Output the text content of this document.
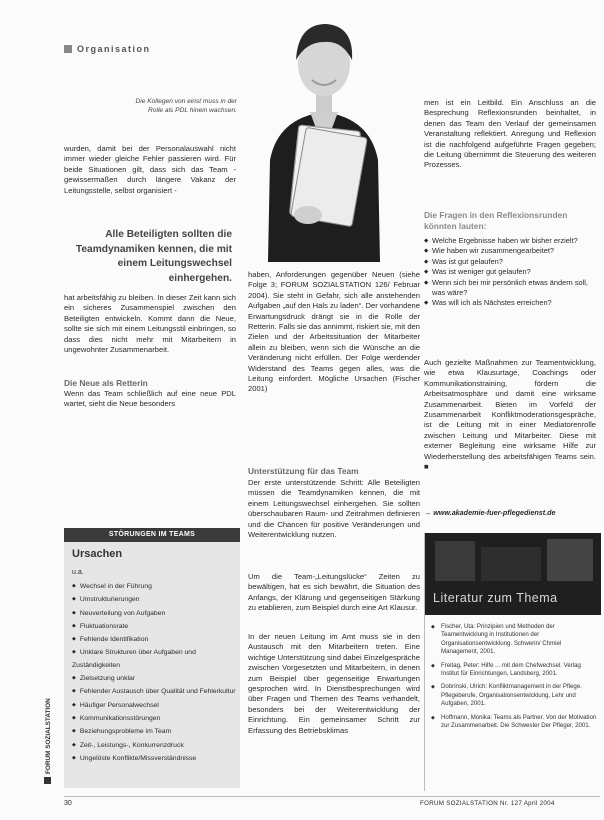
Organisation
Die Kollegen von einst muss in der Rolle als PDL hinein wachsen.

wurden, damit bei der Personalauswahl nicht immer wieder gleiche Fehler passieren wird. Für beide Situationen gilt, dass sich das Team - gewissermaßen durch längere Vakanz der Leitungsstelle, selbst organisiert -

Alle Beteiligten sollten die Teamdynamiken kennen, die mit einem Leitungswechsel einhergehen.

hat arbeitsfähig zu bleiben. In dieser Zeit kann sich ein sicheres Zusammenspiel zwischen den Beteiligten entwickeln. Kommt dann die Neue, sollte sie sich mit einem Leitungsstil einbringen, so dass dies nicht mehr mit Mitarbeitern in ungewohnter Zusammenarbeit.

Die Neue als Retterin

Wenn das Team schließlich auf eine neue PDL wartet, sieht die Neue besonders

STÖRUNGEN IM TEAMS
Ursachen
u.a.
◆ Wechsel in der Führung
◆ Umstrukturierungen
◆ Neuverteilung von Aufgaben
◆ Fluktuationsrate
◆ Fehlende Identifikation
◆ Unklare Strukturen über Aufgaben und Zuständigkeiten
◆ Zielsetzung unklar
◆ Fehlender Austausch über Qualität und Fehlerkultur
◆ Häufiger Personalwechsel
◆ Kommunikationsstörungen
◆ Beziehungsprobleme im Team
◆ Zeit-, Leistungs-, Konkurrenzdruck
◆ Ungelöste Konflikte/Missverständnisse
FORUM SOZIALSTATION

haben, Anforderungen gegenüber Neuen (siehe Folge 3; FORUM SOZIALSTATION 126/ Februar 2004). Sie steht in Gefahr, sich alle anstehenden Aufgaben „auf den Hals zu laden“. Der vorhandene Erwartungsdruck drängt sie in die Rolle der Retterin. Falls sie das annimmt, riskiert sie, mit den Zielen und der Arbeitssituation der Mitarbeiter allein zu bleiben, wenn sich die Wünsche an die Veränderung nicht erfüllen. Der Folge werdender Widerstand des Teams gegen alles, was die Leitung einfordert. Mögliche Ursachen (Fischer 2001)

Unterstützung für das Team

Der erste unterstützende Schritt: Alle Beteiligten müssen die Teamdynamiken kennen, die mit einem Leitungswechsel einhergehen. Sie sollten überschaubaren Raum- und Zeitrahmen definieren und die Chancen für positive Veränderungen und Weiterentwicklung nutzen.

Um die Team-„Leitungslücke“ Zeiten zu bewältigen, hat es sich bewährt, die Situation des Anfangs, der Klärung und gegenseitigen Stärkung zu etablieren, zum Beispiel durch eine Art Klausur.

In der neuen Leitung im Amt muss sie in den Austausch mit den Mitarbeitern treten. Eine wichtige Unterstützung sind dabei Einzelgespräche zwischen Vorgesetzten und Mitarbeitern, in denen zum Beispiel über gegenseitige Erwartungen gesprochen wird. In Dienstbesprechungen wird über Fragen und Themen des Teams verhandelt, besonders bei der Weiterentwicklung der Einrichtung. Ein gemeinsamer Schritt zur Erfassung des Betriebsklimas

men ist ein Leitbild. Ein Anschluss an die Besprechung Reflexionsrunden beinhaltet, in denen das Team den Verlauf der gemeinsamen Veranstaltung reflektiert. Anregung und Reflexion ist die nachfolgend aufgeführte Fragen gegeben; die Leitung übernimmt die Steuerung des weiteren Prozesses.

Die Fragen in den Reflexionsrunden könnten lauten:

◆ Welche Ergebnisse haben wir bisher erzielt?
◆ Wie haben wir zusammengearbeitet?
◆ Was ist gut gelaufen?
◆ Was ist weniger gut gelaufen?
◆ Wenn sich bei mir persönlich etwas ändern soll, was wäre?
◆ Was will ich als Nächstes erreichen?

Auch gezielte Maßnahmen zur Teamentwicklung, wie etwa Klausurtage, Coachings oder Kommunikationstraining, fördern die Arbeitsatmosphäre und damit eine wirksame Zusammenarbeit. Bieten im Vorfeld der Zusammenarbeit Konfliktmoderationsgespräche, ist die Leitung mit in einer Mediatorenrolle zwischen Leitung und Mitarbeiter. Diese mit externer Begleitung eine wirksame Hilfe zur Wiederherstellung des arbeitsfähigen Teams sein. ■

→ www.akademie-fuer-pflegedienst.de
Literatur zum Thema
◆ Fischer, Uta: Prinzipien und Methoden der Teamentwicklung in Institutionen der Organisationsentwicklung. Schwerin/ Chmiel Management, 2001.
◆ Freitag, Peter: Hilfe ... mit dem Chefwechsel. Verlag Institut für Einrichtungen, Landsberg, 2001.
◆ Dobrinski, Ulrich: Konfliktmanagement in der Pflege. Pflegeberufe, Organisationsentwicklung, Lehr und Aufgaben, 2001.
◆ Hoffmann, Monika: Teams als Partner. Von der Motivation zur Zusammenarbeit. Die Schwester Der Pfleger, 2001.
30	FORUM SOZIALSTATION Nr. 127 April 2004
